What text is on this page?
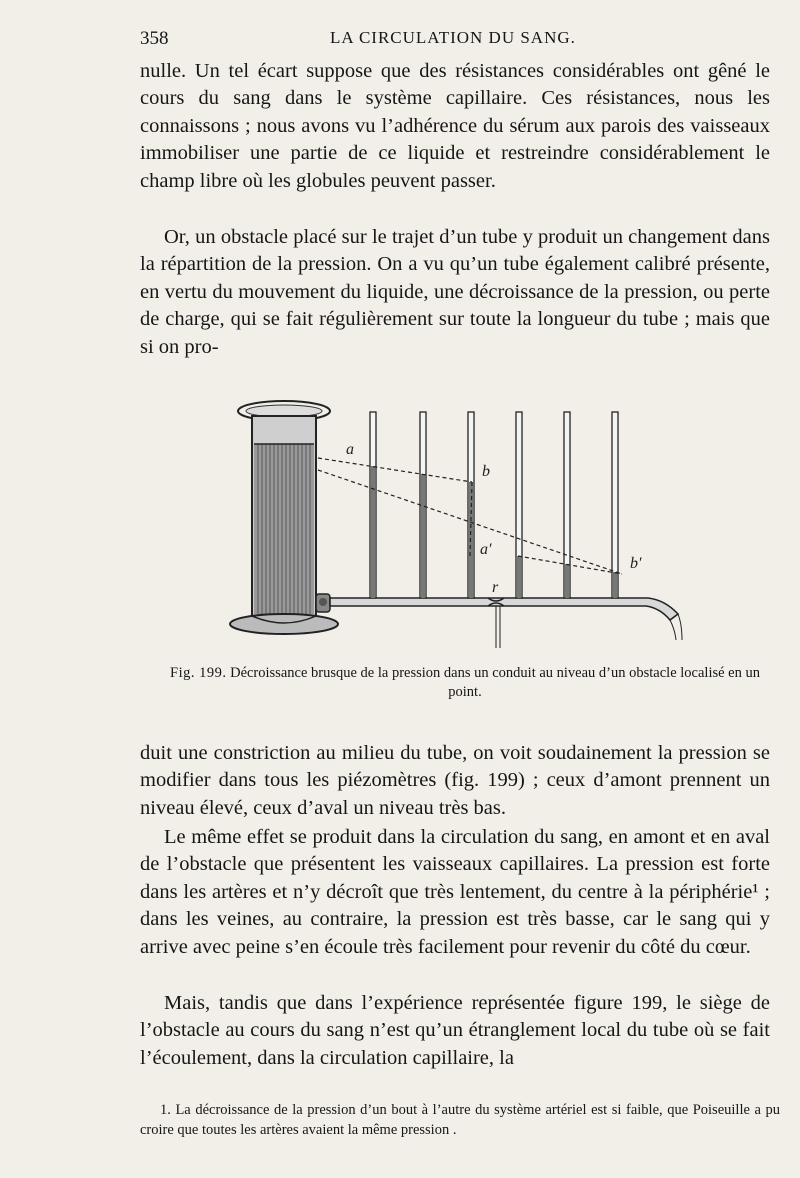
358	LA CIRCULATION DU SANG.

nulle. Un tel écart suppose que des résistances considérables ont gêné le cours du sang dans le système capillaire. Ces résistances, nous les connaissons ; nous avons vu l’adhérence du sérum aux parois des vaisseaux immobiliser une partie de ce liquide et restreindre considérablement le champ libre où les globules peuvent passer.

Or, un obstacle placé sur le trajet d’un tube y produit un changement dans la répartition de la pression. On a vu qu’un tube également calibré présente, en vertu du mouvement du liquide, une décroissance de la pression, ou perte de charge, qui se fait régulièrement sur toute la longueur du tube ; mais que si on pro-

a
b
a′
b′
r
Fig. 199. Décroissance brusque de la pression dans un conduit au niveau d’un obstacle localisé en un point.

duit une constriction au milieu du tube, on voit soudainement la pression se modifier dans tous les piézomètres (fig. 199) ; ceux d’amont prennent un niveau élevé, ceux d’aval un niveau très bas.

Le même effet se produit dans la circulation du sang, en amont et en aval de l’obstacle que présentent les vaisseaux capillaires. La pression est forte dans les artères et n’y décroît que très lentement, du centre à la périphérie¹ ; dans les veines, au contraire, la pression est très basse, car le sang qui y arrive avec peine s’en écoule très facilement pour revenir du côté du cœur.

Mais, tandis que dans l’expérience représentée figure 199, le siège de l’obstacle au cours du sang n’est qu’un étranglement local du tube où se fait l’écoulement, dans la circulation capillaire, la

1. La décroissance de la pression d’un bout à l’autre du système artériel est si faible, que Poiseuille a pu croire que toutes les artères avaient la même pression .
